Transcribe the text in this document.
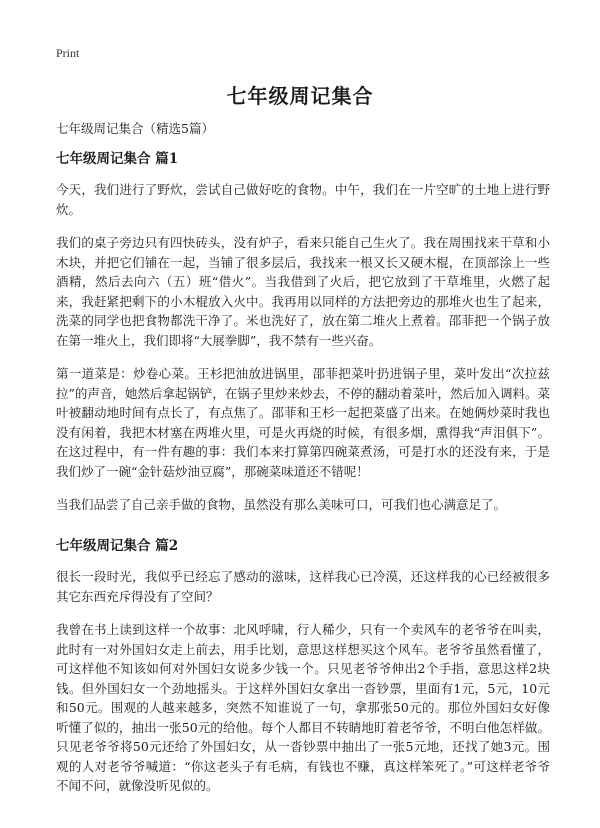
Print
七年级周记集合
七年级周记集合（精选5篇）
七年级周记集合 篇1

今天，我们进行了野炊，尝试自己做好吃的食物。中午，我们在一片空旷的土地上进行野炊。

我们的桌子旁边只有四快砖头，没有炉子，看来只能自己生火了。我在周围找来干草和小木块，并把它们铺在一起，当铺了很多层后，我找来一根又长又硬木棍，在顶部涂上一些酒精，然后去向六（五）班“借火”。当我借到了火后，把它放到了干草堆里，火燃了起来，我赶紧把剩下的小木棍放入火中。我再用以同样的方法把旁边的那堆火也生了起来，洗菜的同学也把食物都洗干净了。米也洗好了，放在第二堆火上煮着。邵菲把一个锅子放在第一堆火上，我们即将“大展拳脚”，我不禁有一些兴奋。

第一道菜是：炒卷心菜。王杉把油放进锅里，邵菲把菜叶扔进锅子里，菜叶发出“次拉兹拉”的声音，她然后拿起锅铲，在锅子里炒来炒去，不停的翻动着菜叶，然后加入调料。菜叶被翻动地时间有点长了，有点焦了。邵菲和王杉一起把菜盛了出来。在她俩炒菜时我也没有闲着，我把木材塞在两堆火里，可是火再烧的时候，有很多烟，熏得我“声泪俱下”。在这过程中，有一件有趣的事：我们本来打算第四碗菜煮汤，可是打水的还没有来，于是我们炒了一碗“金针菇炒油豆腐”，那碗菜味道还不错呢！

当我们品尝了自己亲手做的食物，虽然没有那么美味可口，可我们也心满意足了。

七年级周记集合 篇2

很长一段时光，我似乎已经忘了感动的滋味，这样我心已冷漠，还这样我的心已经被很多其它东西充斥得没有了空间？

我曾在书上读到这样一个故事：北风呼啸，行人稀少，只有一个卖风车的老爷爷在叫卖，此时有一对外国妇女走上前去，用手比划，意思这样想买这个风车。老爷爷虽然看懂了，可这样他不知该如何对外国妇女说多少钱一个。只见老爷爷伸出2个手指，意思这样2块钱。但外国妇女一个劲地摇头。于这样外国妇女拿出一沓钞票，里面有1元，5元，10元和50元。围观的人越来越多，突然不知谁说了一句，拿那张50元的。那位外国妇女好像听懂了似的，抽出一张50元的给他。每个人都目不转睛地盯着老爷爷，不明白他怎样做。只见老爷爷将50元还给了外国妇女，从一沓钞票中抽出了一张5元地，还找了她3元。围观的人对老爷爷喊道：“你这老头子有毛病，有钱也不赚，真这样笨死了。”可这样老爷爷不闻不问，就像没听见似的。
